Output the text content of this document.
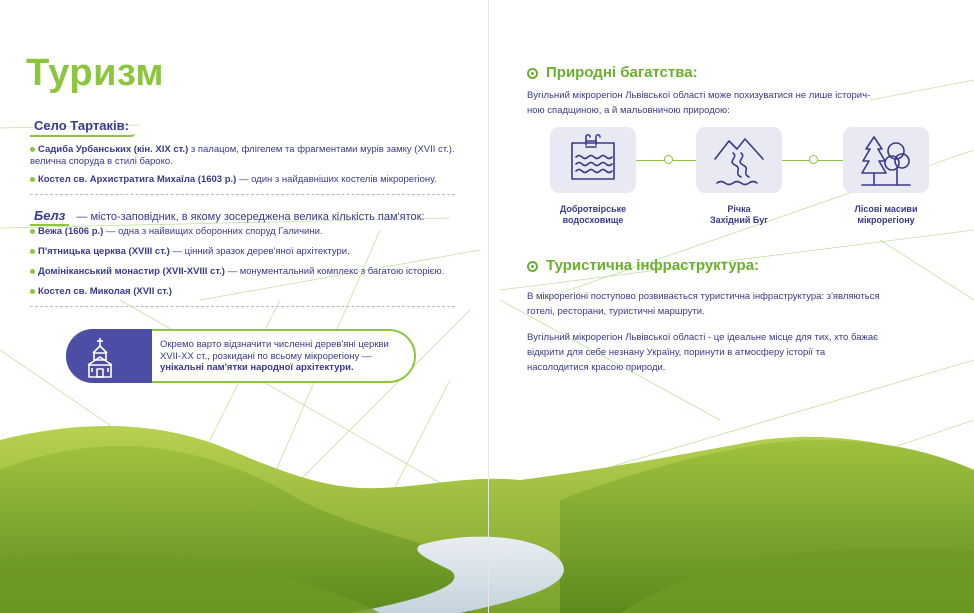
Туризм
Село Тартаків:
Садиба Урбанських (кін. XIX ст.) з палацом, флігелем та фрагментами мурів замку (XVII ст.).
велична споруда в стилі бароко.
Костел св. Архистратига Михаїла (1603 р.) — один з найдавніших костелів мікрорегіону.
Белз — місто-заповідник, в якому зосереджена велика кількість пам'яток:
Вежа (1606 р.) — одна з найвищих оборонних споруд Галичини.
П'ятницька церква (XVIII ст.) — цінний зразок дерев'яної архітектури.
Домініканський монастир (XVII-XVIII ст.) — монументальний комплекс з багатою історією.
Костел св. Миколая (XVII ст.)
Окремо варто відзначити численні дерев'яні церкви
XVII-XX ст., розкидані по всьому мікрорегіону —
унікальні пам'ятки народної архітектури.
Природні багатства:
Вугільний мікрорегіон Львівської області може похизуватися не лише історич-
ною спадщиною, а й мальовничою природою:
Добротвірське
водосховище
Річка
Західний Буг
Лісові масиви
мікрорегіону
Туристична інфраструктура:
В мікрорегіоні поступово розвивається туристична інфраструктура: з'являються
готелі, ресторани, туристичні маршрути.
Вугільний мікрорегіон Львівської області - це ідеальне місце для тих, хто бажає
відкрити для себе незнану Україну, поринути в атмосферу історії та
насолодитися красою природи.
